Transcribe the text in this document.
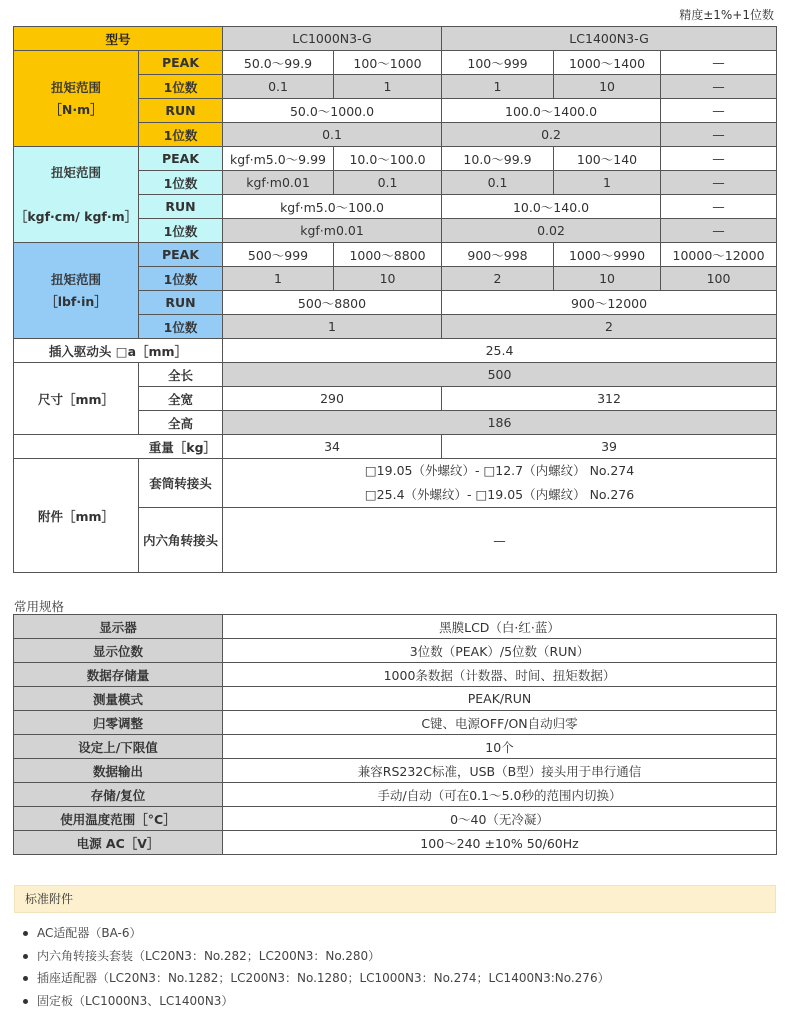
精度±1%+1位数
型号		LC1000N3-G		LC1400N3-G		
扭矩范围
［N·m］	PEAK	50.0～99.9	100～1000	100～999	1000～1400	—
	1位数	0.1	1	1	10	—
	RUN	50.0～1000.0		100.0～1400.0		—
	1位数	0.1		0.2		—
扭矩范围

［kgf·cm/ kgf·m］	PEAK	kgf·m5.0～9.99	10.0～100.0	10.0～99.9	100～140	—
	1位数	kgf·m0.01	0.1	0.1	1	—
	RUN	kgf·m5.0～100.0		10.0～140.0		—
	1位数	kgf·m0.01		0.02		—
扭矩范围
［lbf·in］	PEAK	500～999	1000～8800	900～998	1000～9990	10000～12000
	1位数	1	10	2	10	100
	RUN	500～8800		900～12000		
	1位数	1		2		
插入驱动头 □a［mm］		25.4				
尺寸［mm］	全长	500				
	全宽	290		312		
	全高	186				
重量［kg］		34		39		
附件［mm］	套筒转接头	□19.05（外螺纹）- □12.7（内螺纹） No.274
□25.4（外螺纹）- □19.05（内螺纹） No.276				
	内六角转接头	—				
常用规格
显示器	黑膜LCD（白·红·蓝）
显示位数	3位数（PEAK）/5位数（RUN）
数据存储量	1000条数据（计数器、时间、扭矩数据）
测量模式	PEAK/RUN
归零调整	C键、电源OFF/ON自动归零
设定上/下限值	10个
数据输出	兼容RS232C标准，USB（B型）接头用于串行通信
存储/复位	手动/自动（可在0.1～5.0秒的范围内切换）
使用温度范围［°C］	0～40（无冷凝）
电源 AC［V］	100～240 ±10% 50/60Hz
标准附件
AC适配器（BA-6）
内六角转接头套装（LC20N3：No.282；LC200N3：No.280）
插座适配器（LC20N3：No.1282；LC200N3：No.1280；LC1000N3：No.274；LC1400N3:No.276）
固定板（LC1000N3、LC1400N3）
